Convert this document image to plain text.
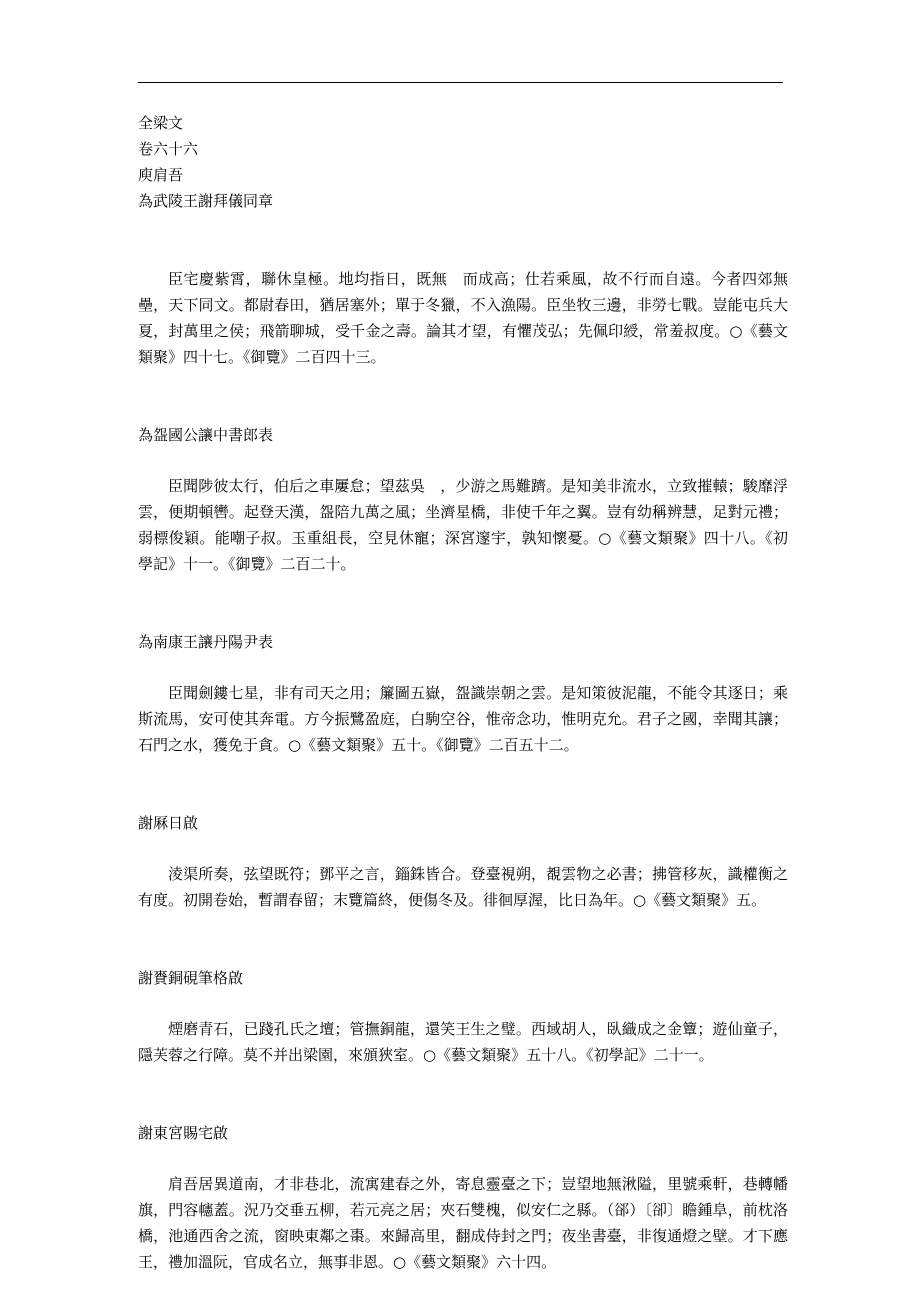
全梁文

卷六十六

庾肩吾

為武陵王謝拜儀同章

臣宅慶紫霄，聯休皇極。地均指日，既無　而成高；仕若乘風，故不行而自遠。今者四郊無壘，天下同文。都尉春田，猶居塞外；單于冬獵，不入漁陽。臣坐牧三邊，非勞七戰。豈能屯兵大夏，封萬里之侯；飛箭聊城，受千金之壽。論其才望，有懼茂弘；先佩印綬，常羞叔度。○《藝文類聚》四十七。《御覽》二百四十三。

為盌國公讓中書郎表

臣聞陟彼太行，伯后之車屢怠；望茲吳　，少游之馬難躋。是知美非流水，立致摧轅；駿靡浮雲，便期頓轡。起登天漢，盌陪九萬之風；坐濟星橋，非使千年之翼。豈有幼稱辨慧，足對元禮；弱標俊穎。能嘲子叔。玉重組長，空見休寵；深宮邃宇，孰知懷憂。○《藝文類聚》四十八。《初學記》十一。《御覽》二百二十。

為南康王讓丹陽尹表

臣聞劍鏤七星，非有司天之用；簾圖五嶽，盌識崇朝之雲。是知策彼泥龍，不能令其逐日；乘斯流馬，安可使其奔電。方今振鷺盈庭，白駒空谷，惟帝念功，惟明克允。君子之國，幸聞其讓；石門之水，獲免于貪。○《藝文類聚》五十。《御覽》二百五十二。

謝厤日啟

淩渠所奏，弦望既符；鄧平之言，錙銖皆合。登臺視朔，覩雲物之必書；拂管移灰，識權衡之有度。初開卷始，暫謂春留；末覽篇終，便傷冬及。徘徊厚渥，比日為年。○《藝文類聚》五。

謝賚銅硯筆格啟

煙磨青石，已踐孔氏之壇；管撫銅龍，還笑王生之璧。西域胡人，臥織成之金簟；遊仙童子，隱芙蓉之行障。莫不并出梁園，來頒狹室。○《藝文類聚》五十八。《初學記》二十一。

謝東宮賜宅啟

肩吾居異道南，才非巷北，流寓建春之外，寄息靈臺之下；豈望地無湫隘，里號乘軒，巷轉幡旗，門容幰蓋。況乃交垂五柳，若元亮之居；夾石雙槐，似安仁之縣。（郤）〔卻〕瞻鍾阜，前枕洛橋，池通西舍之流，窗映東鄰之棗。來歸高里，翻成侍封之門；夜坐書臺，非復通燈之壁。才下應王，禮加溫阮，官成名立，無事非恩。○《藝文類聚》六十四。
